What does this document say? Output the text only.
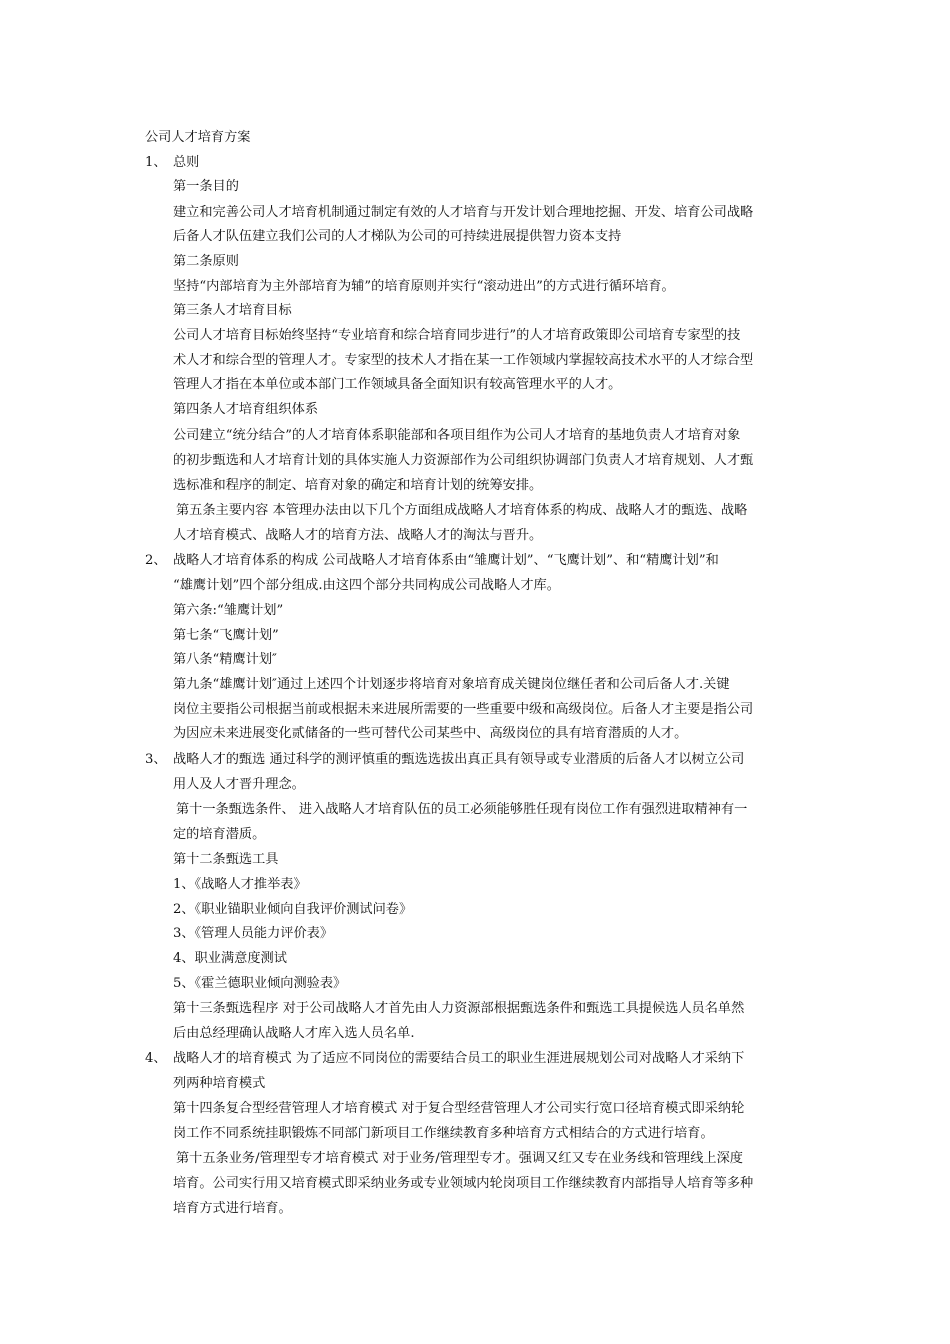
公司人才培育方案
1、 总则
第一条目的
建立和完善公司人才培育机制通过制定有效的人才培育与开发计划合理地挖掘、开发、培育公司战略
后备人才队伍建立我们公司的人才梯队为公司的可持续进展提供智力资本支持
第二条原则
坚持“内部培育为主外部培育为辅”的培育原则并实行“滚动进出”的方式进行循环培育。
第三条人才培育目标
公司人才培育目标始终坚持“专业培育和综合培育同步进行”的人才培育政策即公司培育专家型的技
术人才和综合型的管理人才。专家型的技术人才指在某一工作领域内掌握较高技术水平的人才综合型
管理人才指在本单位或本部门工作领域具备全面知识有较高管理水平的人才。
第四条人才培育组织体系
公司建立“统分结合”的人才培育体系职能部和各项目组作为公司人才培育的基地负责人才培育对象
的初步甄选和人才培育计划的具体实施人力资源部作为公司组织协调部门负责人才培育规划、人才甄
选标准和程序的制定、培育对象的确定和培育计划的统筹安排。
第五条主要内容 本管理办法由以下几个方面组成战略人才培育体系的构成、战略人才的甄选、战略
人才培育模式、战略人才的培育方法、战略人才的淘汰与晋升。
2、 战略人才培育体系的构成 公司战略人才培育体系由“雏鹰计划”、“飞鹰计划”、和“精鹰计划”和
“雄鹰计划”四个部分组成.由这四个部分共同构成公司战略人才库。
第六条:“雏鹰计划”
第七条“飞鹰计划”
第八条“精鹰计划″
第九条“雄鹰计划″通过上述四个计划逐步将培育对象培育成关键岗位继任者和公司后备人才.关键
岗位主要指公司根据当前或根据未来进展所需要的一些重要中级和高级岗位。后备人才主要是指公司
为因应未来进展变化贰储备的一些可替代公司某些中、高级岗位的具有培育潜质的人才。
3、 战略人才的甄选 通过科学的测评慎重的甄选选拔出真正具有领导或专业潜质的后备人才以树立公司
用人及人才晋升理念。
第十一条甄选条件、 进入战略人才培育队伍的员工必须能够胜任现有岗位工作有强烈进取精神有一
定的培育潜质。
第十二条甄选工具
1、《战略人才推举表》
2、《职业锚职业倾向自我评价测试问卷》
3、《管理人员能力评价表》
4、职业满意度测试
5、《霍兰德职业倾向测验表》
第十三条甄选程序 对于公司战略人才首先由人力资源部根据甄选条件和甄选工具提候选人员名单然
后由总经理确认战略人才库入选人员名单.
4、 战略人才的培育模式 为了适应不同岗位的需要结合员工的职业生涯进展规划公司对战略人才采纳下
列两种培育模式
第十四条复合型经营管理人才培育模式 对于复合型经营管理人才公司实行宽口径培育模式即采纳轮
岗工作不同系统挂职锻炼不同部门新项目工作继续教育多种培育方式相结合的方式进行培育。
第十五条业务/管理型专才培育模式 对于业务/管理型专才。强调又红又专在业务线和管理线上深度
培育。公司实行用又培育模式即采纳业务或专业领域内轮岗项目工作继续教育内部指导人培育等多种
培育方式进行培育。
